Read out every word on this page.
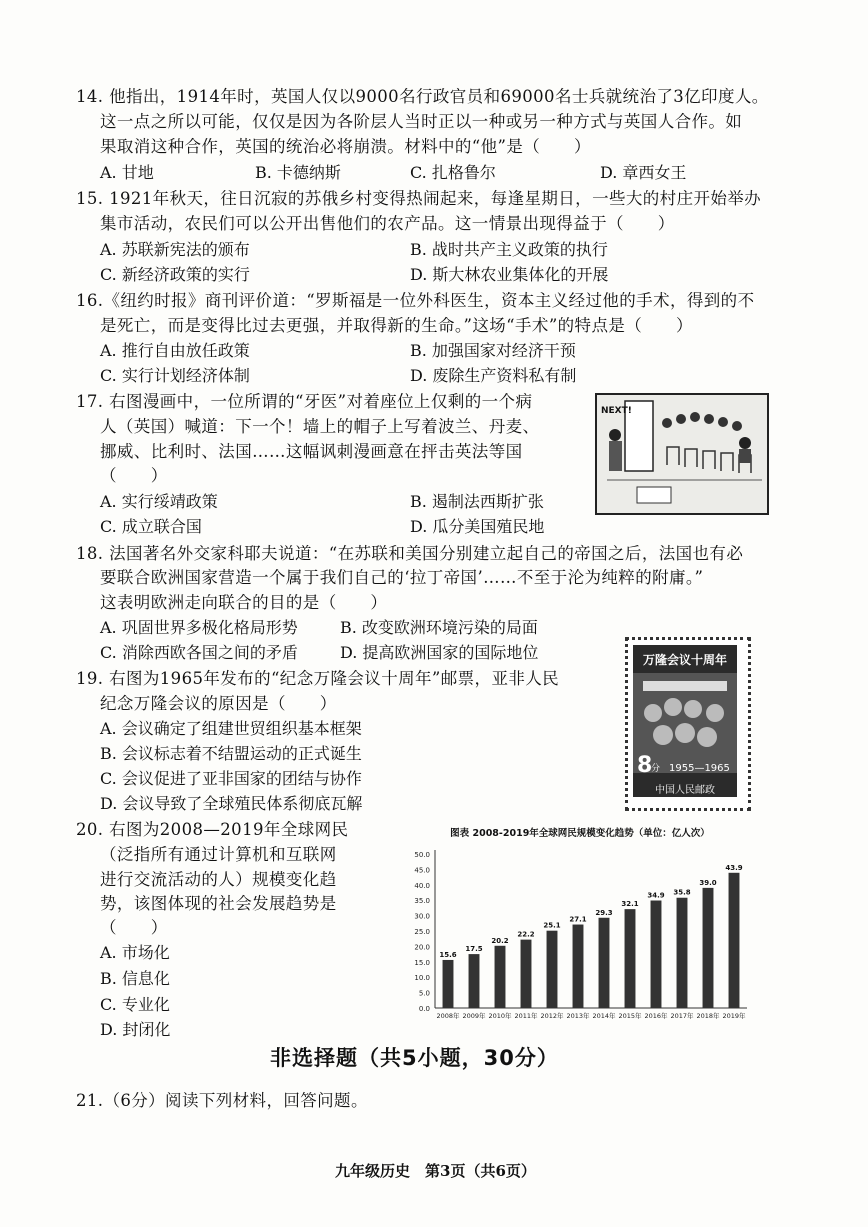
14. 他指出，1914年时，英国人仅以9000名行政官员和69000名士兵就统治了3亿印度人。
这一点之所以可能，仅仅是因为各阶层人当时正以一种或另一种方式与英国人合作。如
果取消这种合作，英国的统治必将崩溃。材料中的“他”是（　　）
A. 甘地	B. 卡德纳斯	C. 扎格鲁尔	D. 章西女王
15. 1921年秋天，往日沉寂的苏俄乡村变得热闹起来，每逢星期日，一些大的村庄开始举办
集市活动，农民们可以公开出售他们的农产品。这一情景出现得益于（　　）
A. 苏联新宪法的颁布	B. 战时共产主义政策的执行
C. 新经济政策的实行	D. 斯大林农业集体化的开展
16.《纽约时报》商刊评价道：“罗斯福是一位外科医生，资本主义经过他的手术，得到的不
是死亡，而是变得比过去更强，并取得新的生命。”这场“手术”的特点是（　　）
A. 推行自由放任政策	B. 加强国家对经济干预
C. 实行计划经济体制	D. 废除生产资料私有制
17. 右图漫画中，一位所谓的“牙医”对着座位上仅剩的一个病
人（英国）喊道：下一个！墙上的帽子上写着波兰、丹麦、
挪威、比利时、法国……这幅讽刺漫画意在抨击英法等国
（　　）
A. 实行绥靖政策	B. 遏制法西斯扩张
C. 成立联合国	D. 瓜分美国殖民地
NEXT!
18. 法国著名外交家科耶夫说道：“在苏联和美国分别建立起自己的帝国之后，法国也有必
要联合欧洲国家营造一个属于我们自己的‘拉丁帝国’……不至于沦为纯粹的附庸。”
这表明欧洲走向联合的目的是（　　）
A. 巩固世界多极化格局形势	B. 改变欧洲环境污染的局面
C. 消除西欧各国之间的矛盾	D. 提高欧洲国家的国际地位
19. 右图为1965年发布的“纪念万隆会议十周年”邮票，亚非人民
纪念万隆会议的原因是（　　）
A. 会议确定了组建世贸组织基本框架
B. 会议标志着不结盟运动的正式诞生
C. 会议促进了亚非国家的团结与协作
D. 会议导致了全球殖民体系彻底瓦解
万隆会议十周年
8
分 1955—1965
中国人民邮政
20. 右图为2008—2019年全球网民
（泛指所有通过计算机和互联网
进行交流活动的人）规模变化趋
势，该图体现的社会发展趋势是
（　　）
A. 市场化
B. 信息化
C. 专业化
D. 封闭化
图表 2008-2019年全球网民规模变化趋势（单位：亿人次）
0.0
5.0
10.0
15.0
20.0
25.0
30.0
35.0
40.0
45.0
50.0
15.6
2008年
17.5
2009年
20.2
2010年
22.2
2011年
25.1
2012年
27.1
2013年
29.3
2014年
32.1
2015年
34.9
2016年
35.8
2017年
39.0
2018年
43.9
2019年
非选择题（共5小题，30分）
21.（6分）阅读下列材料，回答问题。
九年级历史　第3页（共6页）
